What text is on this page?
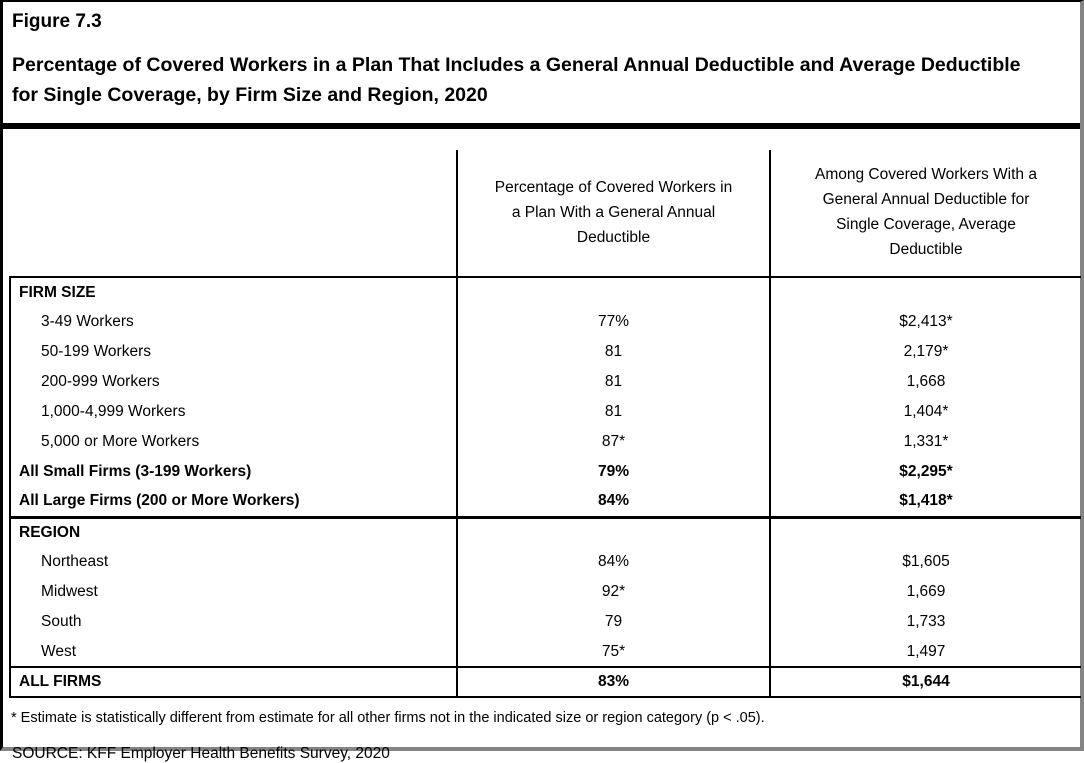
Figure 7.3
Percentage of Covered Workers in a Plan That Includes a General Annual Deductible and Average Deductible for Single Coverage, by Firm Size and Region, 2020
	Percentage of Covered Workers in a Plan With a General Annual Deductible	Among Covered Workers With a General Annual Deductible for Single Coverage, Average Deductible
FIRM SIZE		
3-49 Workers	77%	$2,413*
50-199 Workers	81	2,179*
200-999 Workers	81	1,668
1,000-4,999 Workers	81	1,404*
5,000 or More Workers	87*	1,331*
All Small Firms (3-199 Workers)	79%	$2,295*
All Large Firms (200 or More Workers)	84%	$1,418*
REGION		
Northeast	84%	$1,605
Midwest	92*	1,669
South	79	1,733
West	75*	1,497
ALL FIRMS	83%	$1,644
* Estimate is statistically different from estimate for all other firms not in the indicated size or region category (p < .05).
SOURCE: KFF Employer Health Benefits Survey, 2020
